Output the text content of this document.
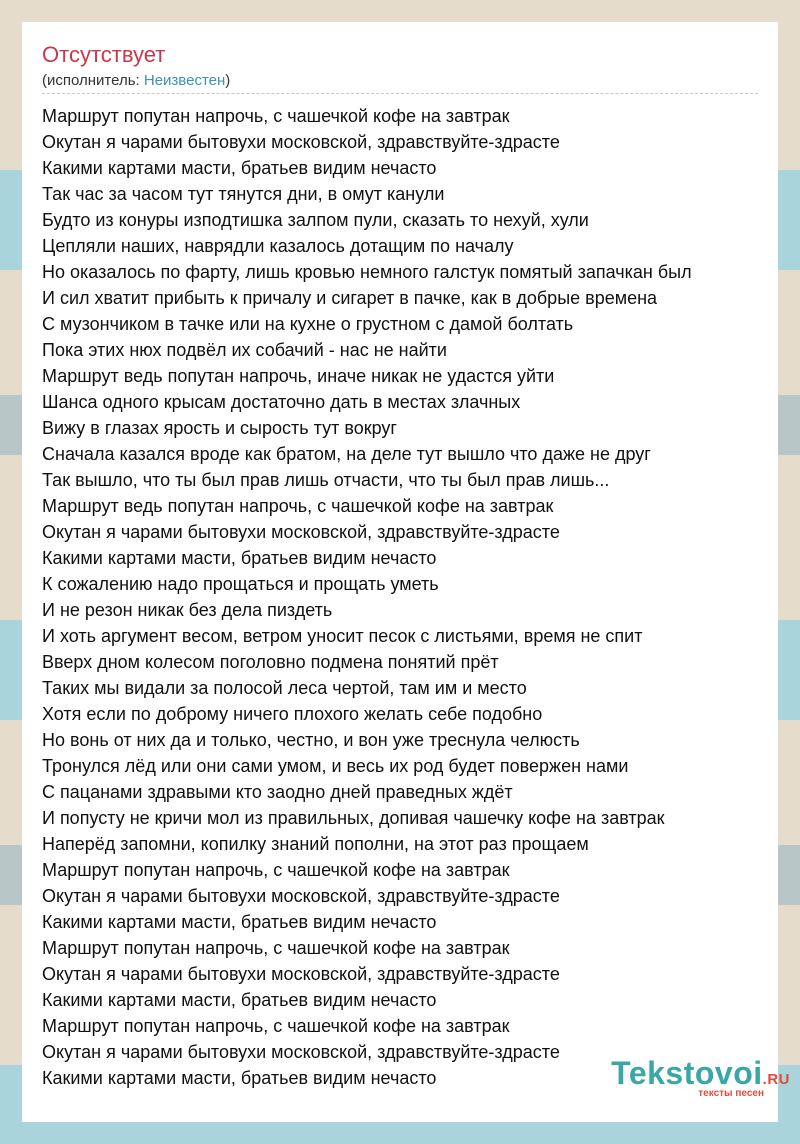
Отсутствует
(исполнитель: Неизвестен)
Маршрут попутан напрочь, с чашечкой кофе на завтрак
Окутан я чарами бытовухи московской, здравствуйте-здрасте
Какими картами масти, братьев видим нечасто
Так час за часом тут тянутся дни, в омут канули
Будто из конуры изподтишка залпом пули, сказать то нехуй, хули
Цепляли наших, наврядли казалось дотащим по началу
Но оказалось по фарту, лишь кровью немного галстук помятый запачкан был
И сил хватит прибыть к причалу и сигарет в пачке, как в добрые времена
С музончиком в тачке или на кухне о грустном с дамой болтать
Пока этих нюх подвёл их собачий - нас не найти
Маршрут ведь попутан напрочь, иначе никак не удастся уйти
Шанса одного крысам достаточно дать в местах злачных
Вижу в глазах ярость и сырость тут вокруг
Сначала казался вроде как братом, на деле тут вышло что даже не друг
Так вышло, что ты был прав лишь отчасти, что ты был прав лишь...
Маршрут ведь попутан напрочь, с чашечкой кофе на завтрак
Окутан я чарами бытовухи московской, здравствуйте-здрасте
Какими картами масти, братьев видим нечасто
К сожалению надо прощаться и прощать уметь
И не резон никак без дела пиздеть
И хоть аргумент весом, ветром уносит песок с листьями, время не спит
Вверх дном колесом поголовно подмена понятий прёт
Таких мы видали за полосой леса чертой, там им и место
Хотя если по доброму ничего плохого желать себе подобно
Но вонь от них да и только, честно, и вон уже треснула челюсть
Тронулся лёд или они сами умом, и весь их род будет повержен нами
С пацанами здравыми кто заодно дней праведных ждёт
И попусту не кричи мол из правильных, допивая чашечку кофе на завтрак
Наперёд запомни, копилку знаний пополни, на этот раз прощаем
Маршрут попутан напрочь, с чашечкой кофе на завтрак
Окутан я чарами бытовухи московской, здравствуйте-здрасте
Какими картами масти, братьев видим нечасто
Маршрут попутан напрочь, с чашечкой кофе на завтрак
Окутан я чарами бытовухи московской, здравствуйте-здрасте
Какими картами масти, братьев видим нечасто
Маршрут попутан напрочь, с чашечкой кофе на завтрак
Окутан я чарами бытовухи московской, здравствуйте-здрасте
Какими картами масти, братьев видим нечасто	Tekstovoi.RU
тексты песен
